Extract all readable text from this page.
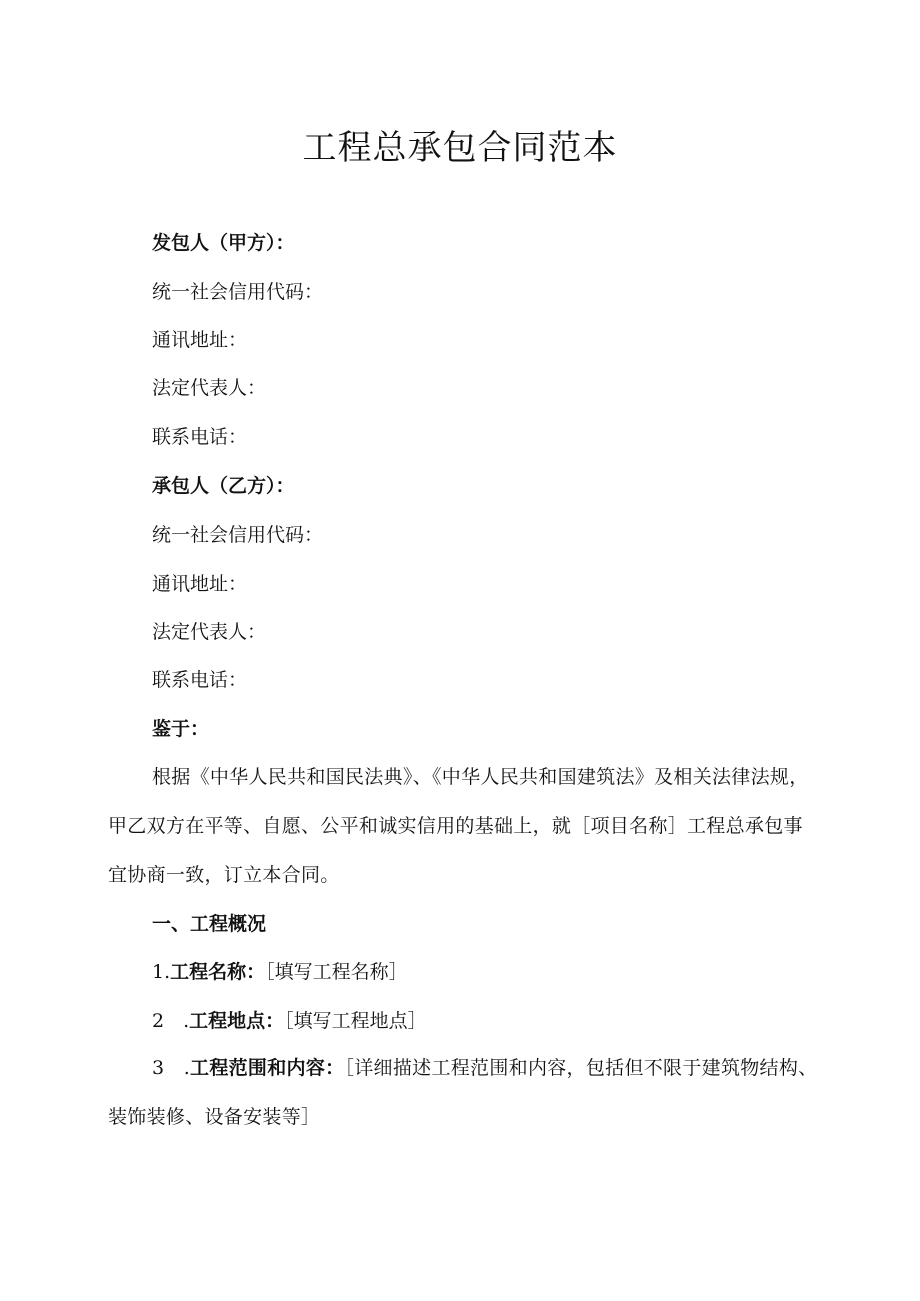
工程总承包合同范本
发包人（甲方）：
统一社会信用代码：
通讯地址：
法定代表人：
联系电话：
承包人（乙方）：
统一社会信用代码：
通讯地址：
法定代表人：
联系电话：
鉴于：
根据《中华人民共和国民法典》、《中华人民共和国建筑法》及相关法律法规，甲乙双方在平等、自愿、公平和诚实信用的基础上，就［项目名称］工程总承包事宜协商一致，订立本合同。
一、工程概况
1.工程名称：［填写工程名称］
2　.工程地点：［填写工程地点］
3　.工程范围和内容：［详细描述工程范围和内容，包括但不限于建筑物结构、装饰装修、设备安装等］
